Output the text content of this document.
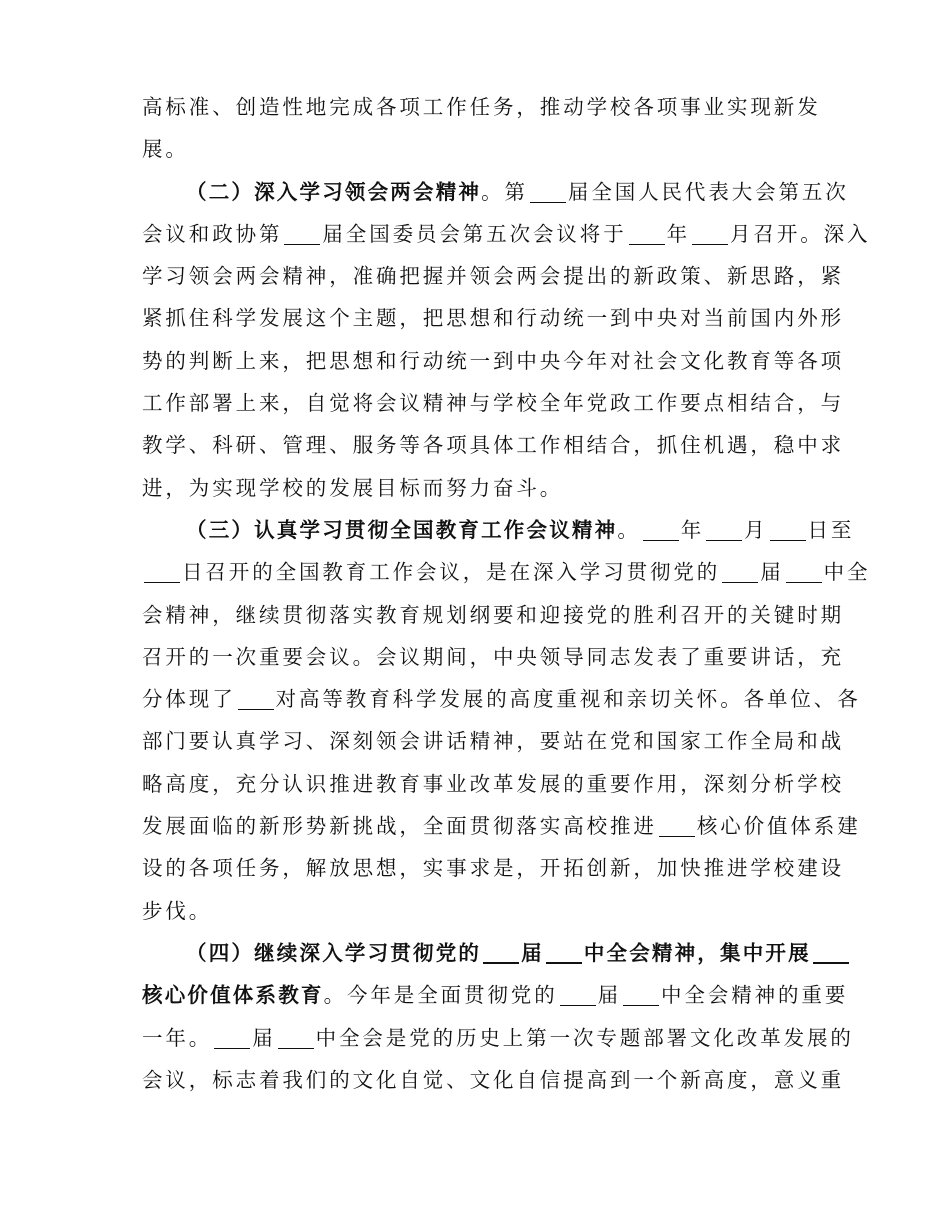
高标准、创造性地完成各项工作任务，推动学校各项事业实现新发
展。
（二）深入学习领会两会精神。第 届全国人民代表大会第五次
会议和政协第 届全国委员会第五次会议将于 年 月召开。深入
学习领会两会精神，准确把握并领会两会提出的新政策、新思路，紧
紧抓住科学发展这个主题，把思想和行动统一到中央对当前国内外形
势的判断上来，把思想和行动统一到中央今年对社会文化教育等各项
工作部署上来，自觉将会议精神与学校全年党政工作要点相结合，与
教学、科研、管理、服务等各项具体工作相结合，抓住机遇，稳中求
进，为实现学校的发展目标而努力奋斗。
（三）认真学习贯彻全国教育工作会议精神。 年 月 日至
日召开的全国教育工作会议，是在深入学习贯彻党的 届 中全
会精神，继续贯彻落实教育规划纲要和迎接党的胜利召开的关键时期
召开的一次重要会议。会议期间，中央领导同志发表了重要讲话，充
分体现了 对高等教育科学发展的高度重视和亲切关怀。各单位、各
部门要认真学习、深刻领会讲话精神，要站在党和国家工作全局和战
略高度，充分认识推进教育事业改革发展的重要作用，深刻分析学校
发展面临的新形势新挑战，全面贯彻落实高校推进 核心价值体系建
设的各项任务，解放思想，实事求是，开拓创新，加快推进学校建设
步伐。
（四）继续深入学习贯彻党的 届 中全会精神，集中开展
核心价值体系教育。今年是全面贯彻党的 届 中全会精神的重要
一年。 届 中全会是党的历史上第一次专题部署文化改革发展的
会议，标志着我们的文化自觉、文化自信提高到一个新高度，意义重
